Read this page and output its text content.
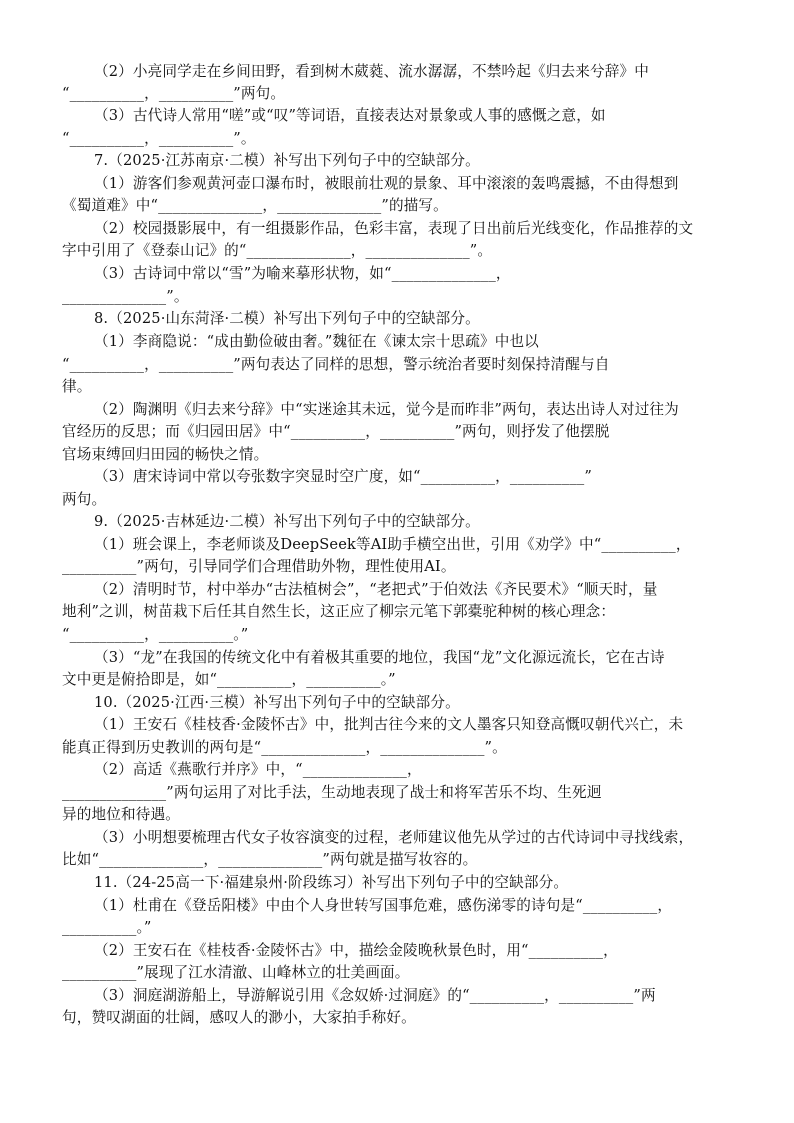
（2）小亮同学走在乡间田野，看到树木葳蕤、流水潺潺，不禁吟起《归去来兮辞》中
“__________，__________”两句。
（3）古代诗人常用“嗟”或“叹”等词语，直接表达对景象或人事的感慨之意，如
“__________，__________”。
7.（2025·江苏南京·二模）补写出下列句子中的空缺部分。
（1）游客们参观黄河壶口瀑布时，被眼前壮观的景象、耳中滚滚的轰鸣震撼，不由得想到
《蜀道难》中“______________，______________”的描写。
（2）校园摄影展中，有一组摄影作品，色彩丰富，表现了日出前后光线变化，作品推荐的文
字中引用了《登泰山记》的“______________，______________”。
（3）古诗词中常以“雪”为喻来摹形状物，如“______________，
______________”。
8.（2025·山东菏泽·二模）补写出下列句子中的空缺部分。
（1）李商隐说：“成由勤俭破由奢。”魏征在《谏太宗十思疏》中也以
“__________，__________”两句表达了同样的思想，警示统治者要时刻保持清醒与自
律。
（2）陶渊明《归去来兮辞》中“实迷途其未远，觉今是而昨非”两句，表达出诗人对过往为
官经历的反思；而《归园田居》中“__________，__________”两句，则抒发了他摆脱
官场束缚回归田园的畅快之情。
（3）唐宋诗词中常以夸张数字突显时空广度，如“__________，__________”
两句。
9.（2025·吉林延边·二模）补写出下列句子中的空缺部分。
（1）班会课上，李老师谈及DeepSeek等AI助手横空出世，引用《劝学》中“__________，
__________”两句，引导同学们合理借助外物，理性使用AI。
（2）清明时节，村中举办“古法植树会”，“老把式”于伯效法《齐民要术》“顺天时，量
地利”之训，树苗栽下后任其自然生长，这正应了柳宗元笔下郭橐驼种树的核心理念：
“__________，__________。”
（3）“龙”在我国的传统文化中有着极其重要的地位，我国“龙”文化源远流长，它在古诗
文中更是俯拾即是，如“__________，__________。”
10.（2025·江西·三模）补写出下列句子中的空缺部分。
（1）王安石《桂枝香·金陵怀古》中，批判古往今来的文人墨客只知登高慨叹朝代兴亡，未
能真正得到历史教训的两句是“______________，______________”。
（2）高适《燕歌行并序》中，“______________，
______________”两句运用了对比手法，生动地表现了战士和将军苦乐不均、生死迥
异的地位和待遇。
（3）小明想要梳理古代女子妆容演变的过程，老师建议他先从学过的古代诗词中寻找线索，
比如“______________，______________”两句就是描写妆容的。
11.（24-25高一下·福建泉州·阶段练习）补写出下列句子中的空缺部分。
（1）杜甫在《登岳阳楼》中由个人身世转写国事危难，感伤涕零的诗句是“__________，
__________。”
（2）王安石在《桂枝香·金陵怀古》中，描绘金陵晚秋景色时，用“__________，
__________”展现了江水清澈、山峰林立的壮美画面。
（3）洞庭湖游船上，导游解说引用《念奴娇·过洞庭》的“__________，__________”两
句，赞叹湖面的壮阔，感叹人的渺小，大家拍手称好。
